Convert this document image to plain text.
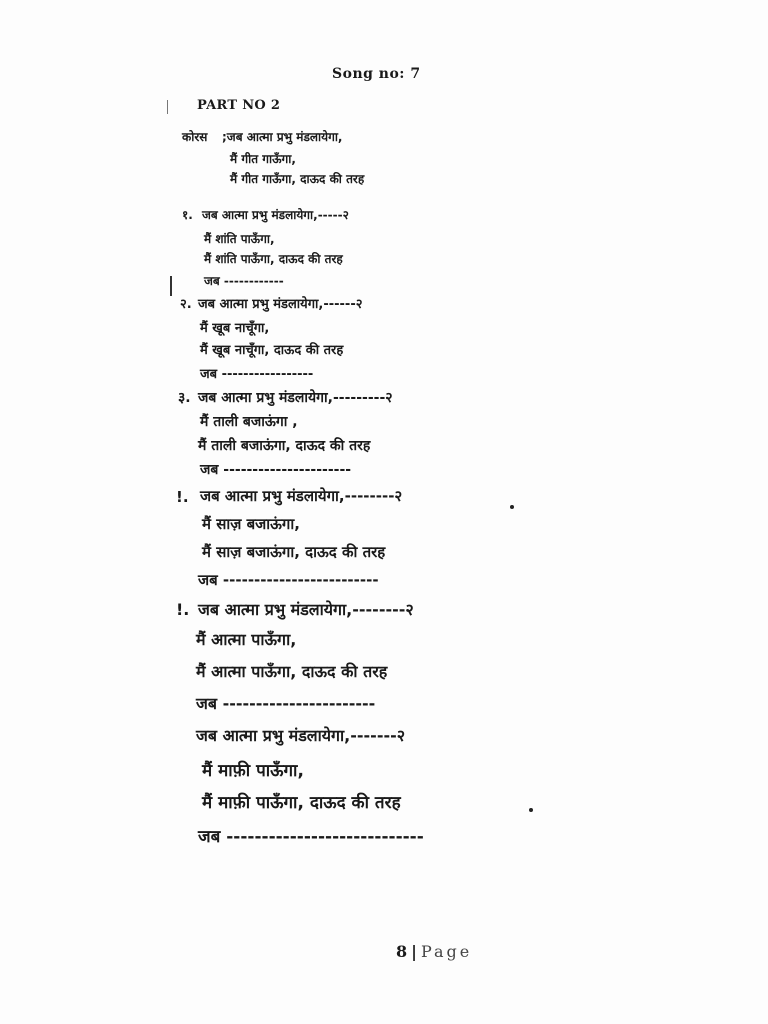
Song no: 7
PART NO 2
कोरस ;जब आत्मा प्रभु मंडलायेगा,
मैं गीत गाऊँगा,
मैं गीत गाऊँगा, दाऊद की तरह
१. जब आत्मा प्रभु मंडलायेगा,-----२
मैं शांति पाऊँगा,
मैं शांति पाऊँगा, दाऊद की तरह
जब ------------
२. जब आत्मा प्रभु मंडलायेगा,------२
मैं खूब नाचूँगा,
मैं खूब नाचूँगा, दाऊद की तरह
जब -----------------
३. जब आत्मा प्रभु मंडलायेगा,---------२
मैं ताली बजाऊंगा ,
मैं ताली बजाऊंगा, दाऊद की तरह
जब ----------------------
!. जब आत्मा प्रभु मंडलायेगा,--------२
मैं साज़ बजाऊंगा,
मैं साज़ बजाऊंगा, दाऊद की तरह
जब -------------------------
!. जब आत्मा प्रभु मंडलायेगा,--------२
मैं आत्मा पाऊँगा,
मैं आत्मा पाऊँगा, दाऊद की तरह
जब -----------------------
जब आत्मा प्रभु मंडलायेगा,-------२
मैं माफ़ी पाऊँगा,
मैं माफ़ी पाऊँगा, दाऊद की तरह
जब ----------------------------
8 | Page
